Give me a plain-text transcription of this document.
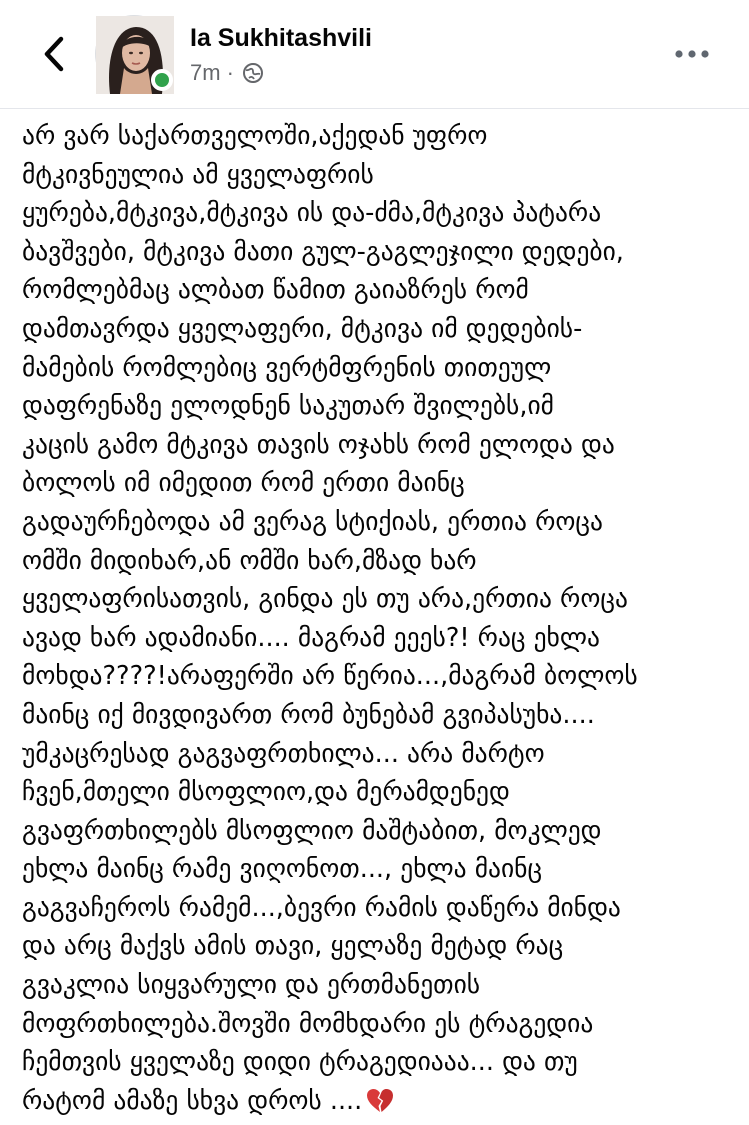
Ia Sukhitashvili
7m ·
არ ვარ საქართველოში,აქედან უფრო
მტკივნეულია ამ ყველაფრის
ყურება,მტკივა,მტკივა ის და-ძმა,მტკივა პატარა
ბავშვები, მტკივა მათი გულ-გაგლეჯილი დედები,
რომლებმაც ალბათ წამით გაიაზრეს რომ
დამთავრდა ყველაფერი, მტკივა იმ დედების-
მამების რომლებიც ვერტმფრენის თითეულ
დაფრენაზე ელოდნენ საკუთარ შვილებს,იმ
კაცის გამო მტკივა თავის ოჯახს რომ ელოდა და
ბოლოს იმ იმედით რომ ერთი მაინც
გადაურჩებოდა ამ ვერაგ სტიქიას, ერთია როცა
ომში მიდიხარ,ან ომში ხარ,მზად ხარ
ყველაფრისათვის, გინდა ეს თუ არა,ერთია როცა
ავად ხარ ადამიანი.... მაგრამ ეეეს?! რაც ეხლა
მოხდა????!არაფერში არ წერია...,მაგრამ ბოლოს
მაინც იქ მივდივართ რომ ბუნებამ გვიპასუხა....
უმკაცრესად გაგვაფრთხილა... არა მარტო
ჩვენ,მთელი მსოფლიო,და მერამდენედ
გვაფრთხილებს მსოფლიო მაშტაბით, მოკლედ
ეხლა მაინც რამე ვიღონოთ..., ეხლა მაინც
გაგვაჩეროს რამემ...,ბევრი რამის დაწერა მინდა
და არც მაქვს ამის თავი, ყელაზე მეტად რაც
გვაკლია სიყვარული და ერთმანეთის
მოფრთხილება.შოვში მომხდარი ეს ტრაგედია
ჩემთვის ყველაზე დიდი ტრაგედიააა... და თუ
რატომ ამაზე სხვა დროს ....
